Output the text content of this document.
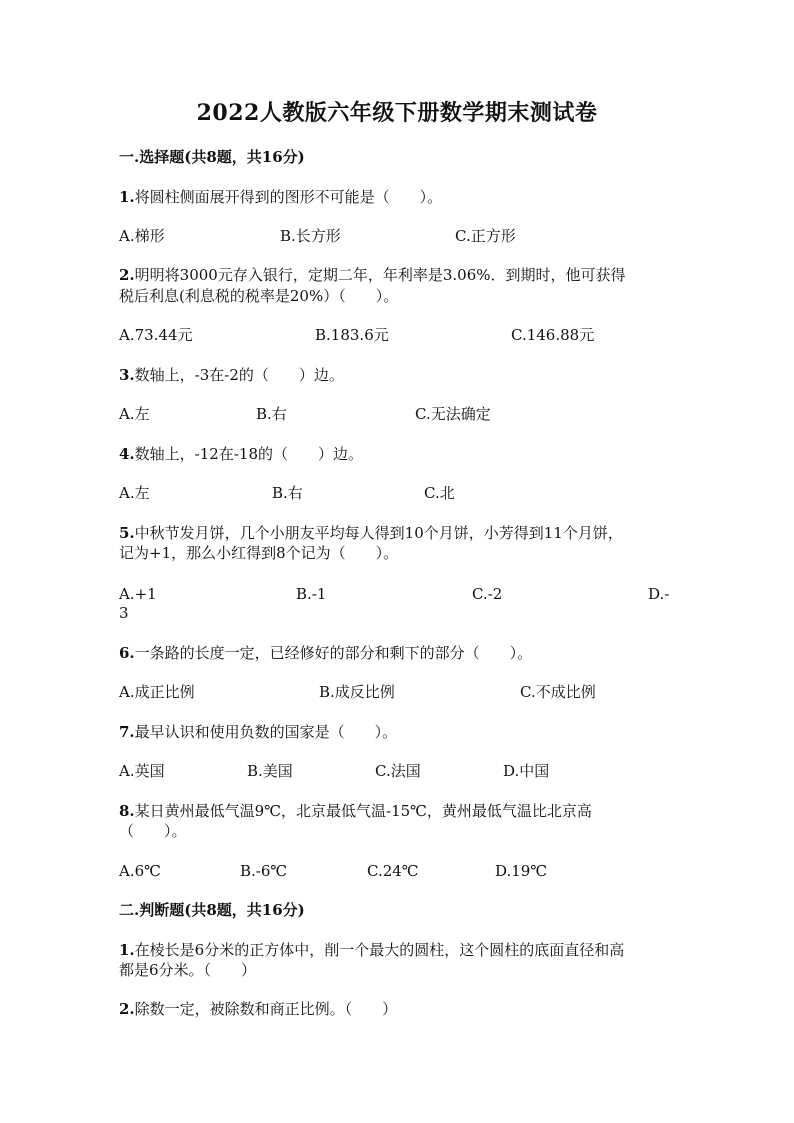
2022人教版六年级下册数学期末测试卷
一.选择题(共8题，共16分)
1.将圆柱侧面展开得到的图形不可能是（　　）。
A.梯形	B.长方形	C.正方形
2.明明将3000元存入银行，定期二年，年利率是3.06%．到期时，他可获得
税后利息(利息税的税率是20%）（　　）。
A.73.44元	B.183.6元	C.146.88元
3.数轴上，-3在-2的（　　）边。
A.左	B.右	C.无法确定
4.数轴上，-12在-18的（　　）边。
A.左	B.右	C.北
5.中秋节发月饼，几个小朋友平均每人得到10个月饼，小芳得到11个月饼，
记为+1，那么小红得到8个记为（　　）。
A.+1	B.-1	C.-2	D.-
3
6.一条路的长度一定，已经修好的部分和剩下的部分（　　）。
A.成正比例	B.成反比例	C.不成比例
7.最早认识和使用负数的国家是（　　）。
A.英国	B.美国	C.法国	D.中国
8.某日黄州最低气温9℃，北京最低气温-15℃，黄州最低气温比北京高
（　　）。
A.6℃	B.-6℃	C.24℃	D.19℃
二.判断题(共8题，共16分)
1.在棱长是6分米的正方体中，削一个最大的圆柱，这个圆柱的底面直径和高
都是6分米。（　　）
2.除数一定，被除数和商正比例。（　　）
